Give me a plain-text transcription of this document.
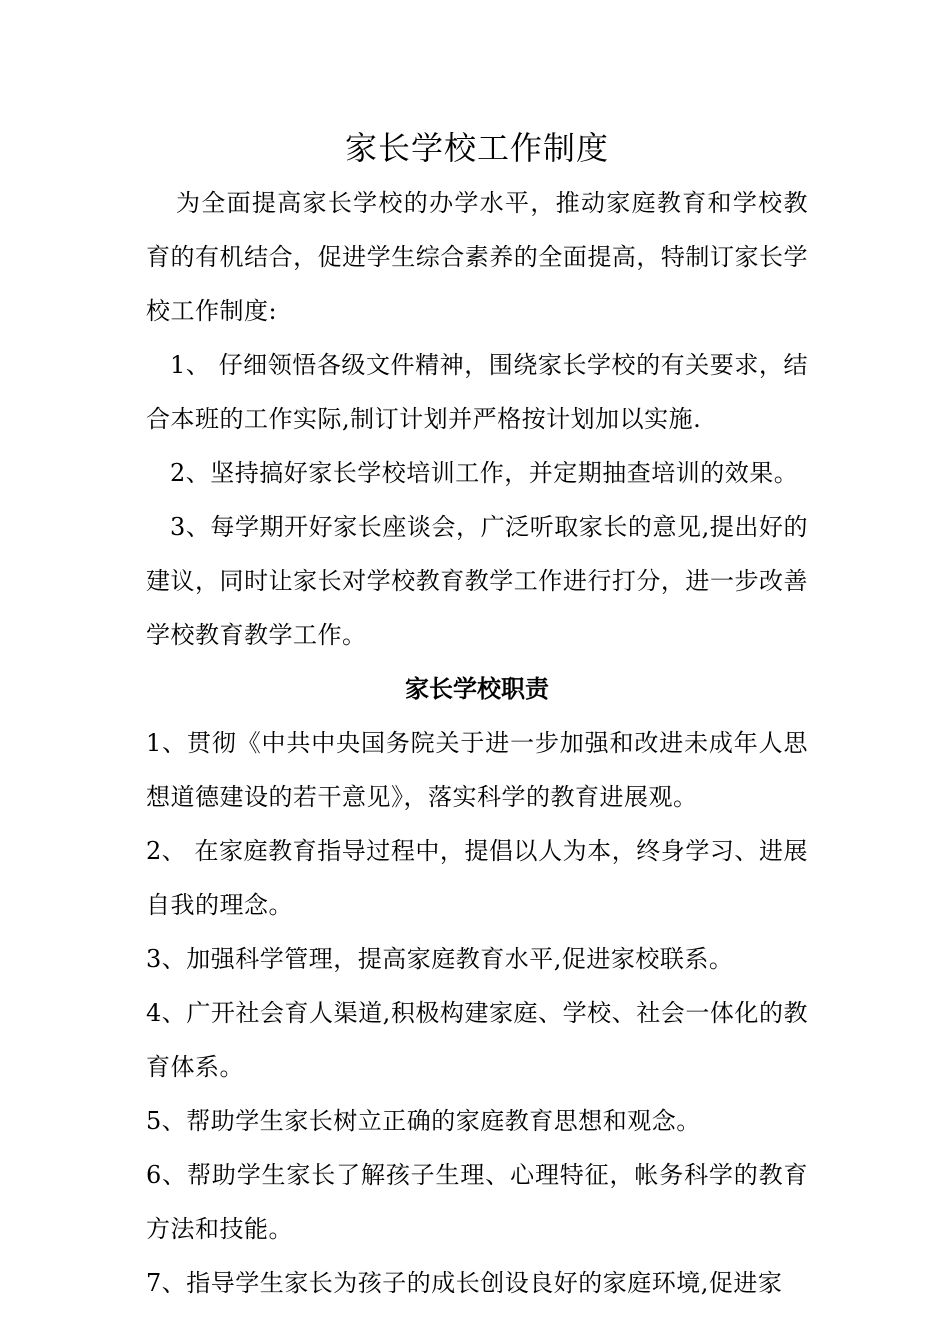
家长学校工作制度

为全面提高家长学校的办学水平，推动家庭教育和学校教育的有机结合，促进学生综合素养的全面提高，特制订家长学校工作制度:

1、 仔细领悟各级文件精神，围绕家长学校的有关要求，结合本班的工作实际,制订计划并严格按计划加以实施.

2、坚持搞好家长学校培训工作，并定期抽查培训的效果。

3、每学期开好家长座谈会，广泛听取家长的意见,提出好的建议，同时让家长对学校教育教学工作进行打分，进一步改善学校教育教学工作。

家长学校职责

1、贯彻《中共中央国务院关于进一步加强和改进未成年人思想道德建设的若干意见》，落实科学的教育进展观。

2、 在家庭教育指导过程中，提倡以人为本，终身学习、进展自我的理念。

3、加强科学管理，提高家庭教育水平,促进家校联系。

4、广开社会育人渠道,积极构建家庭、学校、社会一体化的教育体系。

5、帮助学生家长树立正确的家庭教育思想和观念。

6、帮助学生家长了解孩子生理、心理特征，帐务科学的教育方法和技能。

7、指导学生家长为孩子的成长创设良好的家庭环境,促进家
